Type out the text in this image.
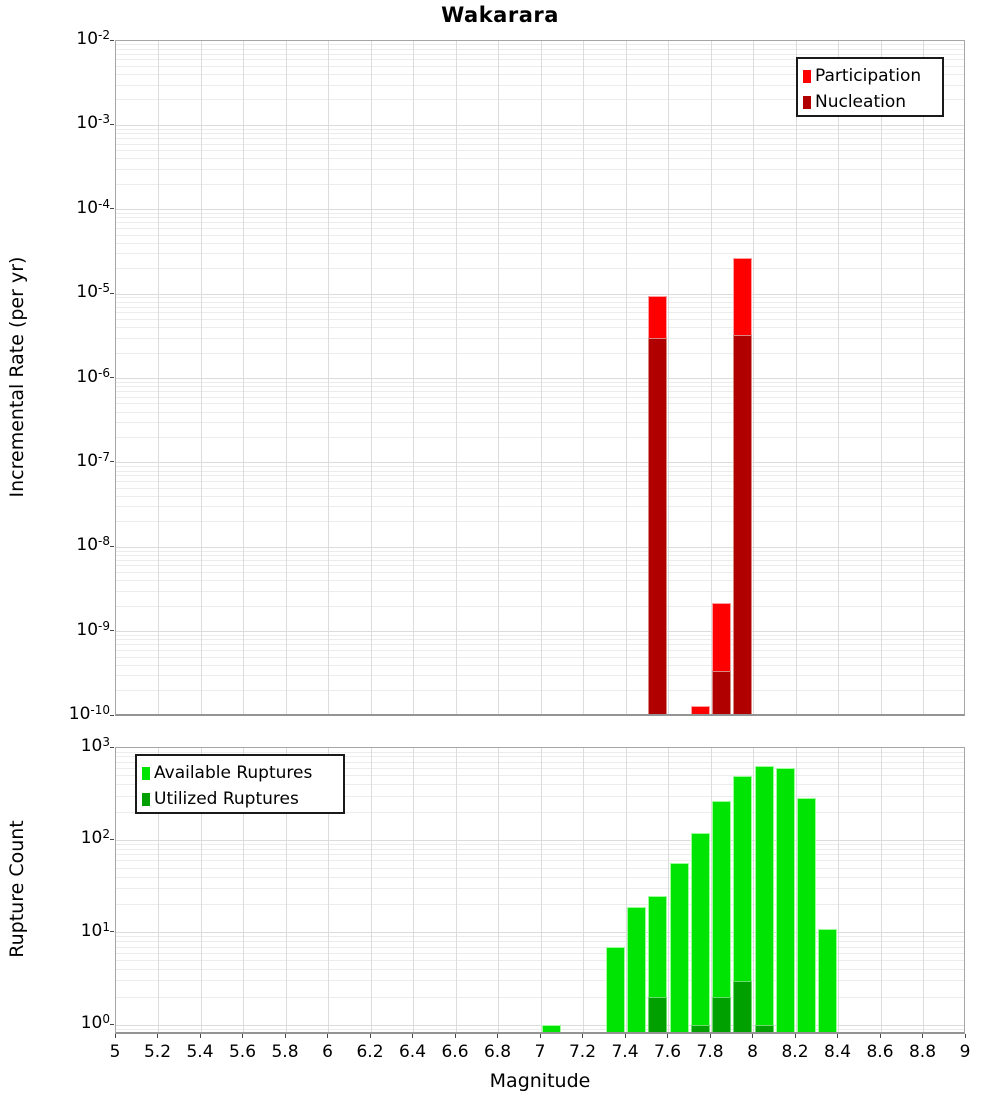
Wakarara
Incremental Rate (per yr)
Rupture Count
Magnitude
Participation
Nucleation
Available Ruptures
Utilized Ruptures
$10^{-2}$
$10^{-3}$
$10^{-4}$
$10^{-5}$
$10^{-6}$
$10^{-7}$
$10^{-8}$
$10^{-9}$
$10^{-10}$
$10^3$
$10^2$
$10^1$
$10^0$
5	5.2 5.4 5.6 5.8	6	6.2 6.4 6.6 6.8	7	7.2 7.4 7.6 7.8	8	8.2 8.4 8.6 8.8	9
